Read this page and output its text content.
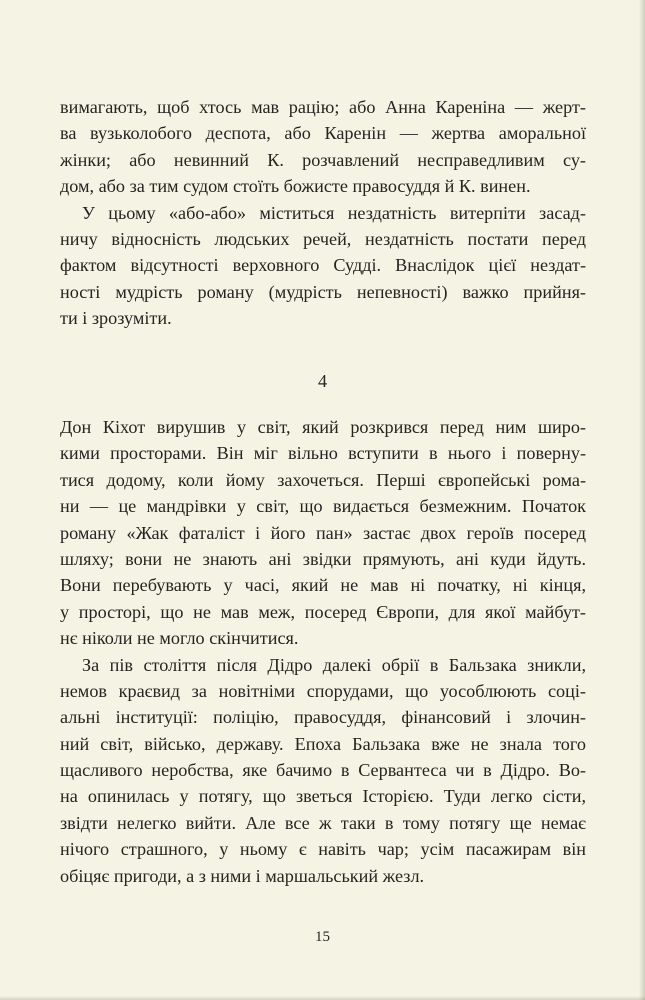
вимагають, щоб хтось мав рацію; або Анна Кареніна — жерт-
ва вузьколобого деспота, або Каренін — жертва аморальної
жінки; або невинний К. розчавлений несправедливим су-
дом, або за тим судом стоїть божисте правосуддя й К. винен.
У цьому «або-або» міститься нездатність витерпіти засад-
ничу відносність людських речей, нездатність постати перед
фактом відсутності верховного Судді. Внаслідок цієї нездат-
ності мудрість роману (мудрість непевності) важко прийня-
ти і зрозуміти.
4
Дон Кіхот вирушив у світ, який розкрився перед ним широ-
кими просторами. Він міг вільно вступити в нього і поверну-
тися додому, коли йому захочеться. Перші європейські рома-
ни — це мандрівки у світ, що видається безмежним. Початок
роману «Жак фаталіст і його пан» застає двох героїв посеред
шляху; вони не знають ані звідки прямують, ані куди йдуть.
Вони перебувають у часі, який не мав ні початку, ні кінця,
у просторі, що не мав меж, посеред Європи, для якої майбут-
нє ніколи не могло скінчитися.
За пів століття після Дідро далекі обрії в Бальзака зникли,
немов краєвид за новітніми спорудами, що уособлюють соці-
альні інституції: поліцію, правосуддя, фінансовий і злочин-
ний світ, військо, державу. Епоха Бальзака вже не знала того
щасливого неробства, яке бачимо в Сервантеса чи в Дідро. Во-
на опинилась у потягу, що зветься Історією. Туди легко сісти,
звідти нелегко вийти. Але все ж таки в тому потягу ще немає
нічого страшного, у ньому є навіть чар; усім пасажирам він
обіцяє пригоди, а з ними і маршальський жезл.
15
